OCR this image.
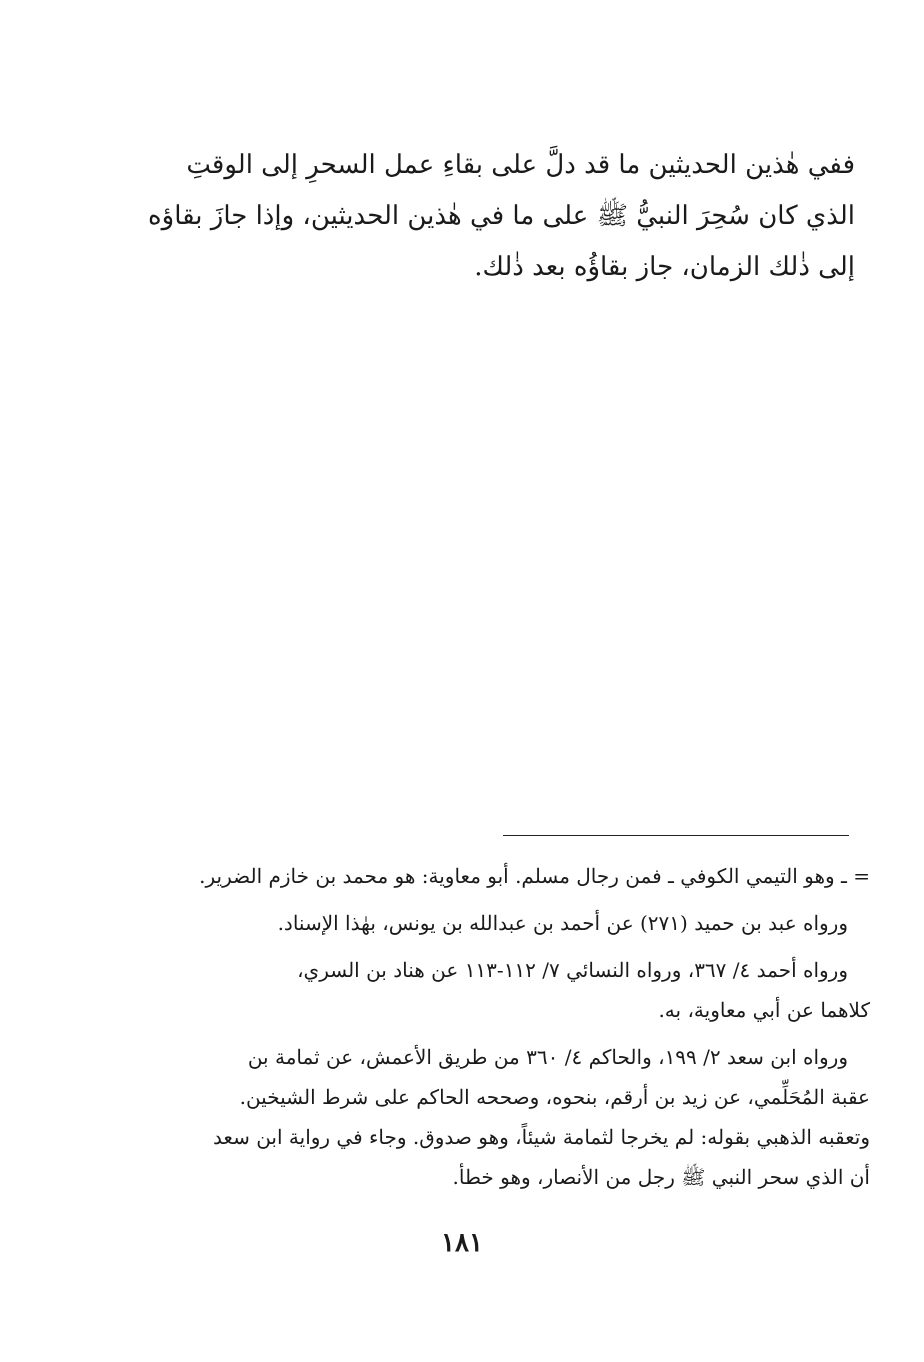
ففي هٰذين الحديثين ما قد دلَّ على بقاءِ عمل السحرِ إلى الوقتِ
الذي كان سُحِرَ النبيُّ ﷺ على ما في هٰذين الحديثين، وإذا جازَ بقاؤه
إلى ذٰلك الزمان، جاز بقاؤُه بعد ذٰلك.
= ـ وهو التيمي الكوفي ـ فمن رجال مسلم. أبو معاوية: هو محمد بن خازم الضرير.
ورواه عبد بن حميد (٢٧١) عن أحمد بن عبدالله بن يونس، بهٰذا الإسناد.
ورواه أحمد ٤/ ٣٦٧، ورواه النسائي ٧/ ١١٢-١١٣ عن هناد بن السري،
كلاهما عن أبي معاوية، به.
ورواه ابن سعد ٢/ ١٩٩، والحاكم ٤/ ٣٦٠ من طريق الأعمش، عن ثمامة بن
عقبة المُحَلِّمي، عن زيد بن أرقم، بنحوه، وصححه الحاكم على شرط الشيخين.
وتعقبه الذهبي بقوله: لم يخرجا لثمامة شيئاً، وهو صدوق. وجاء في رواية ابن سعد
أن الذي سحر النبي ﷺ رجل من الأنصار، وهو خطأ.
١٨١
